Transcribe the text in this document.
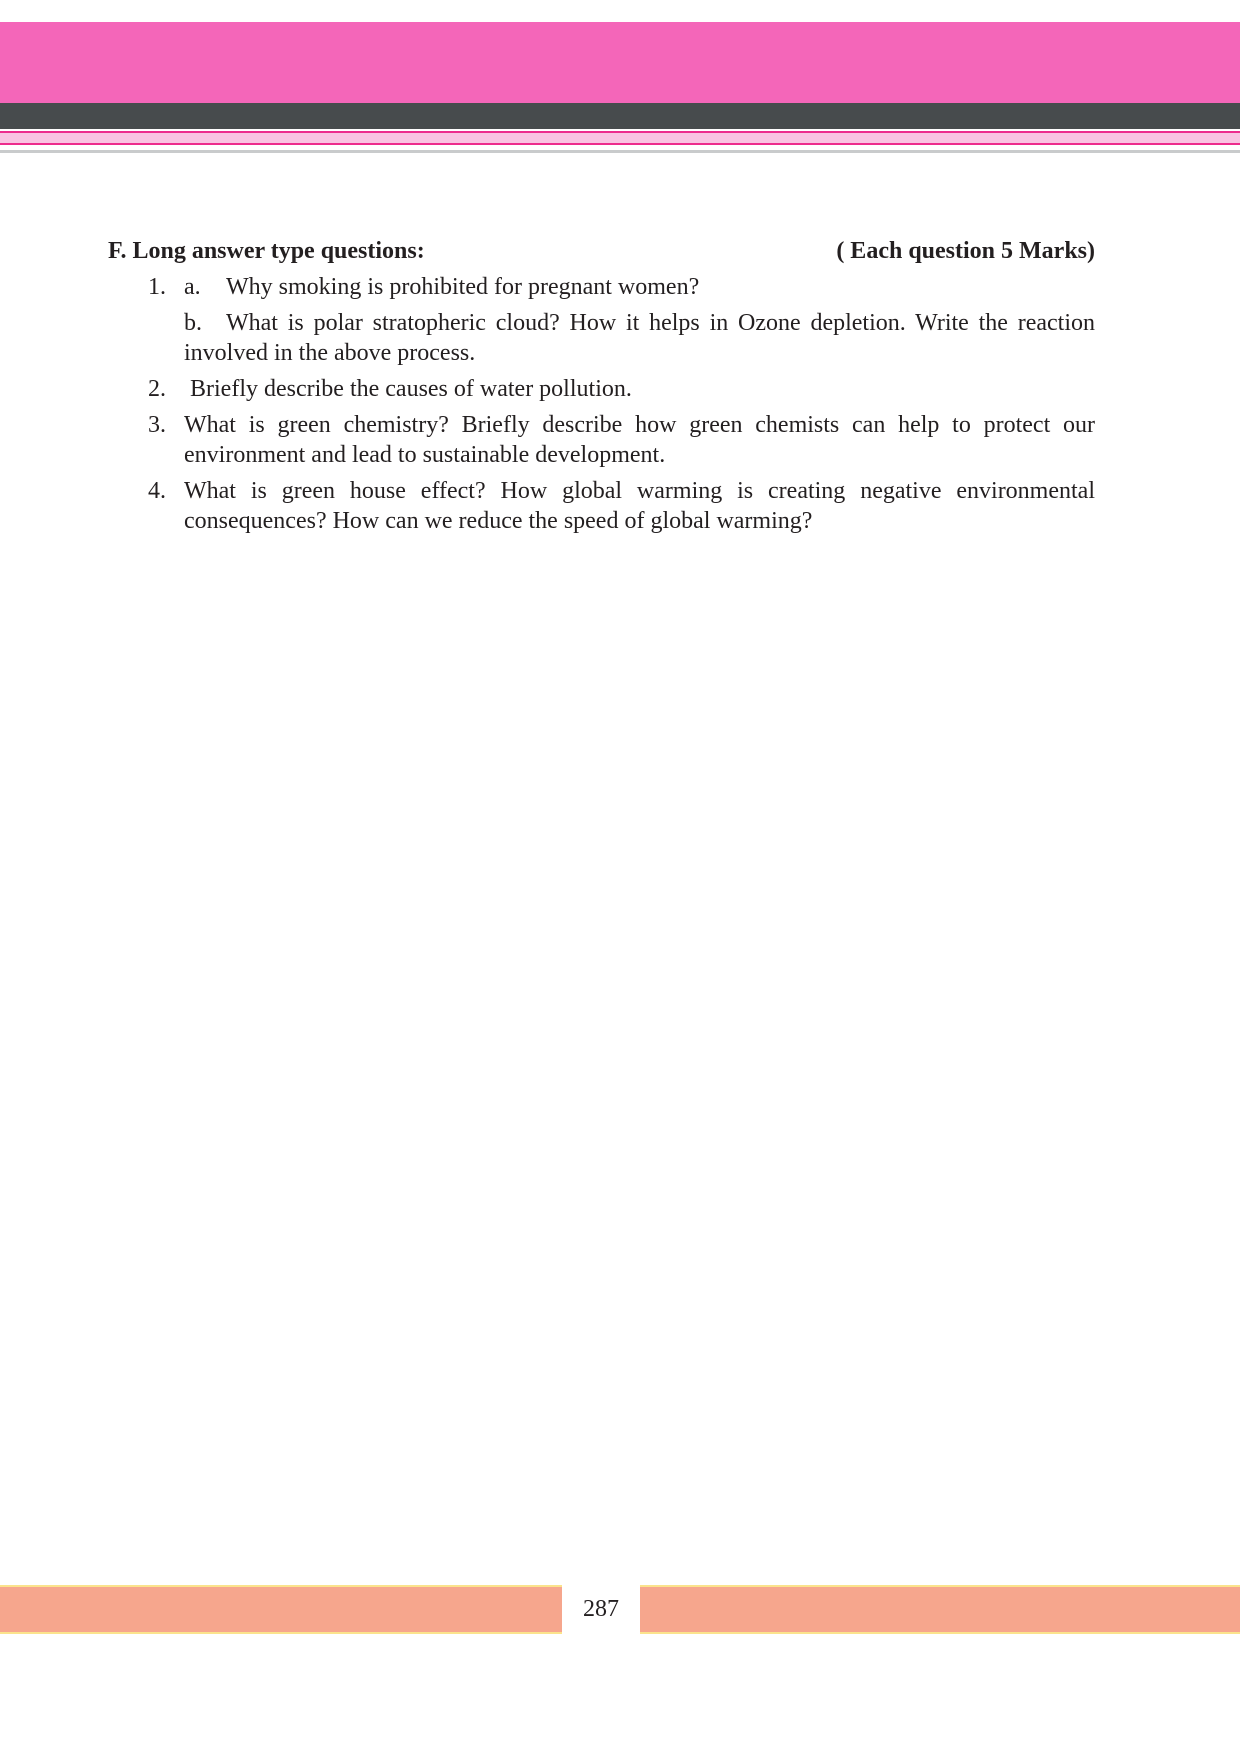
F. Long answer type questions:	( Each question 5 Marks)
1. a.	Why smoking is prohibited for pregnant women?
b.	What is polar stratopheric cloud? How it helps in Ozone depletion. Write the reaction involved in the above process.
2. Briefly describe the causes of water pollution.
3. What is green chemistry? Briefly describe how green chemists can help to protect our environment and lead to sustainable development.
4. What is green house effect? How global warming is creating negative environmental consequences? How can we reduce the speed of global warming?
287
